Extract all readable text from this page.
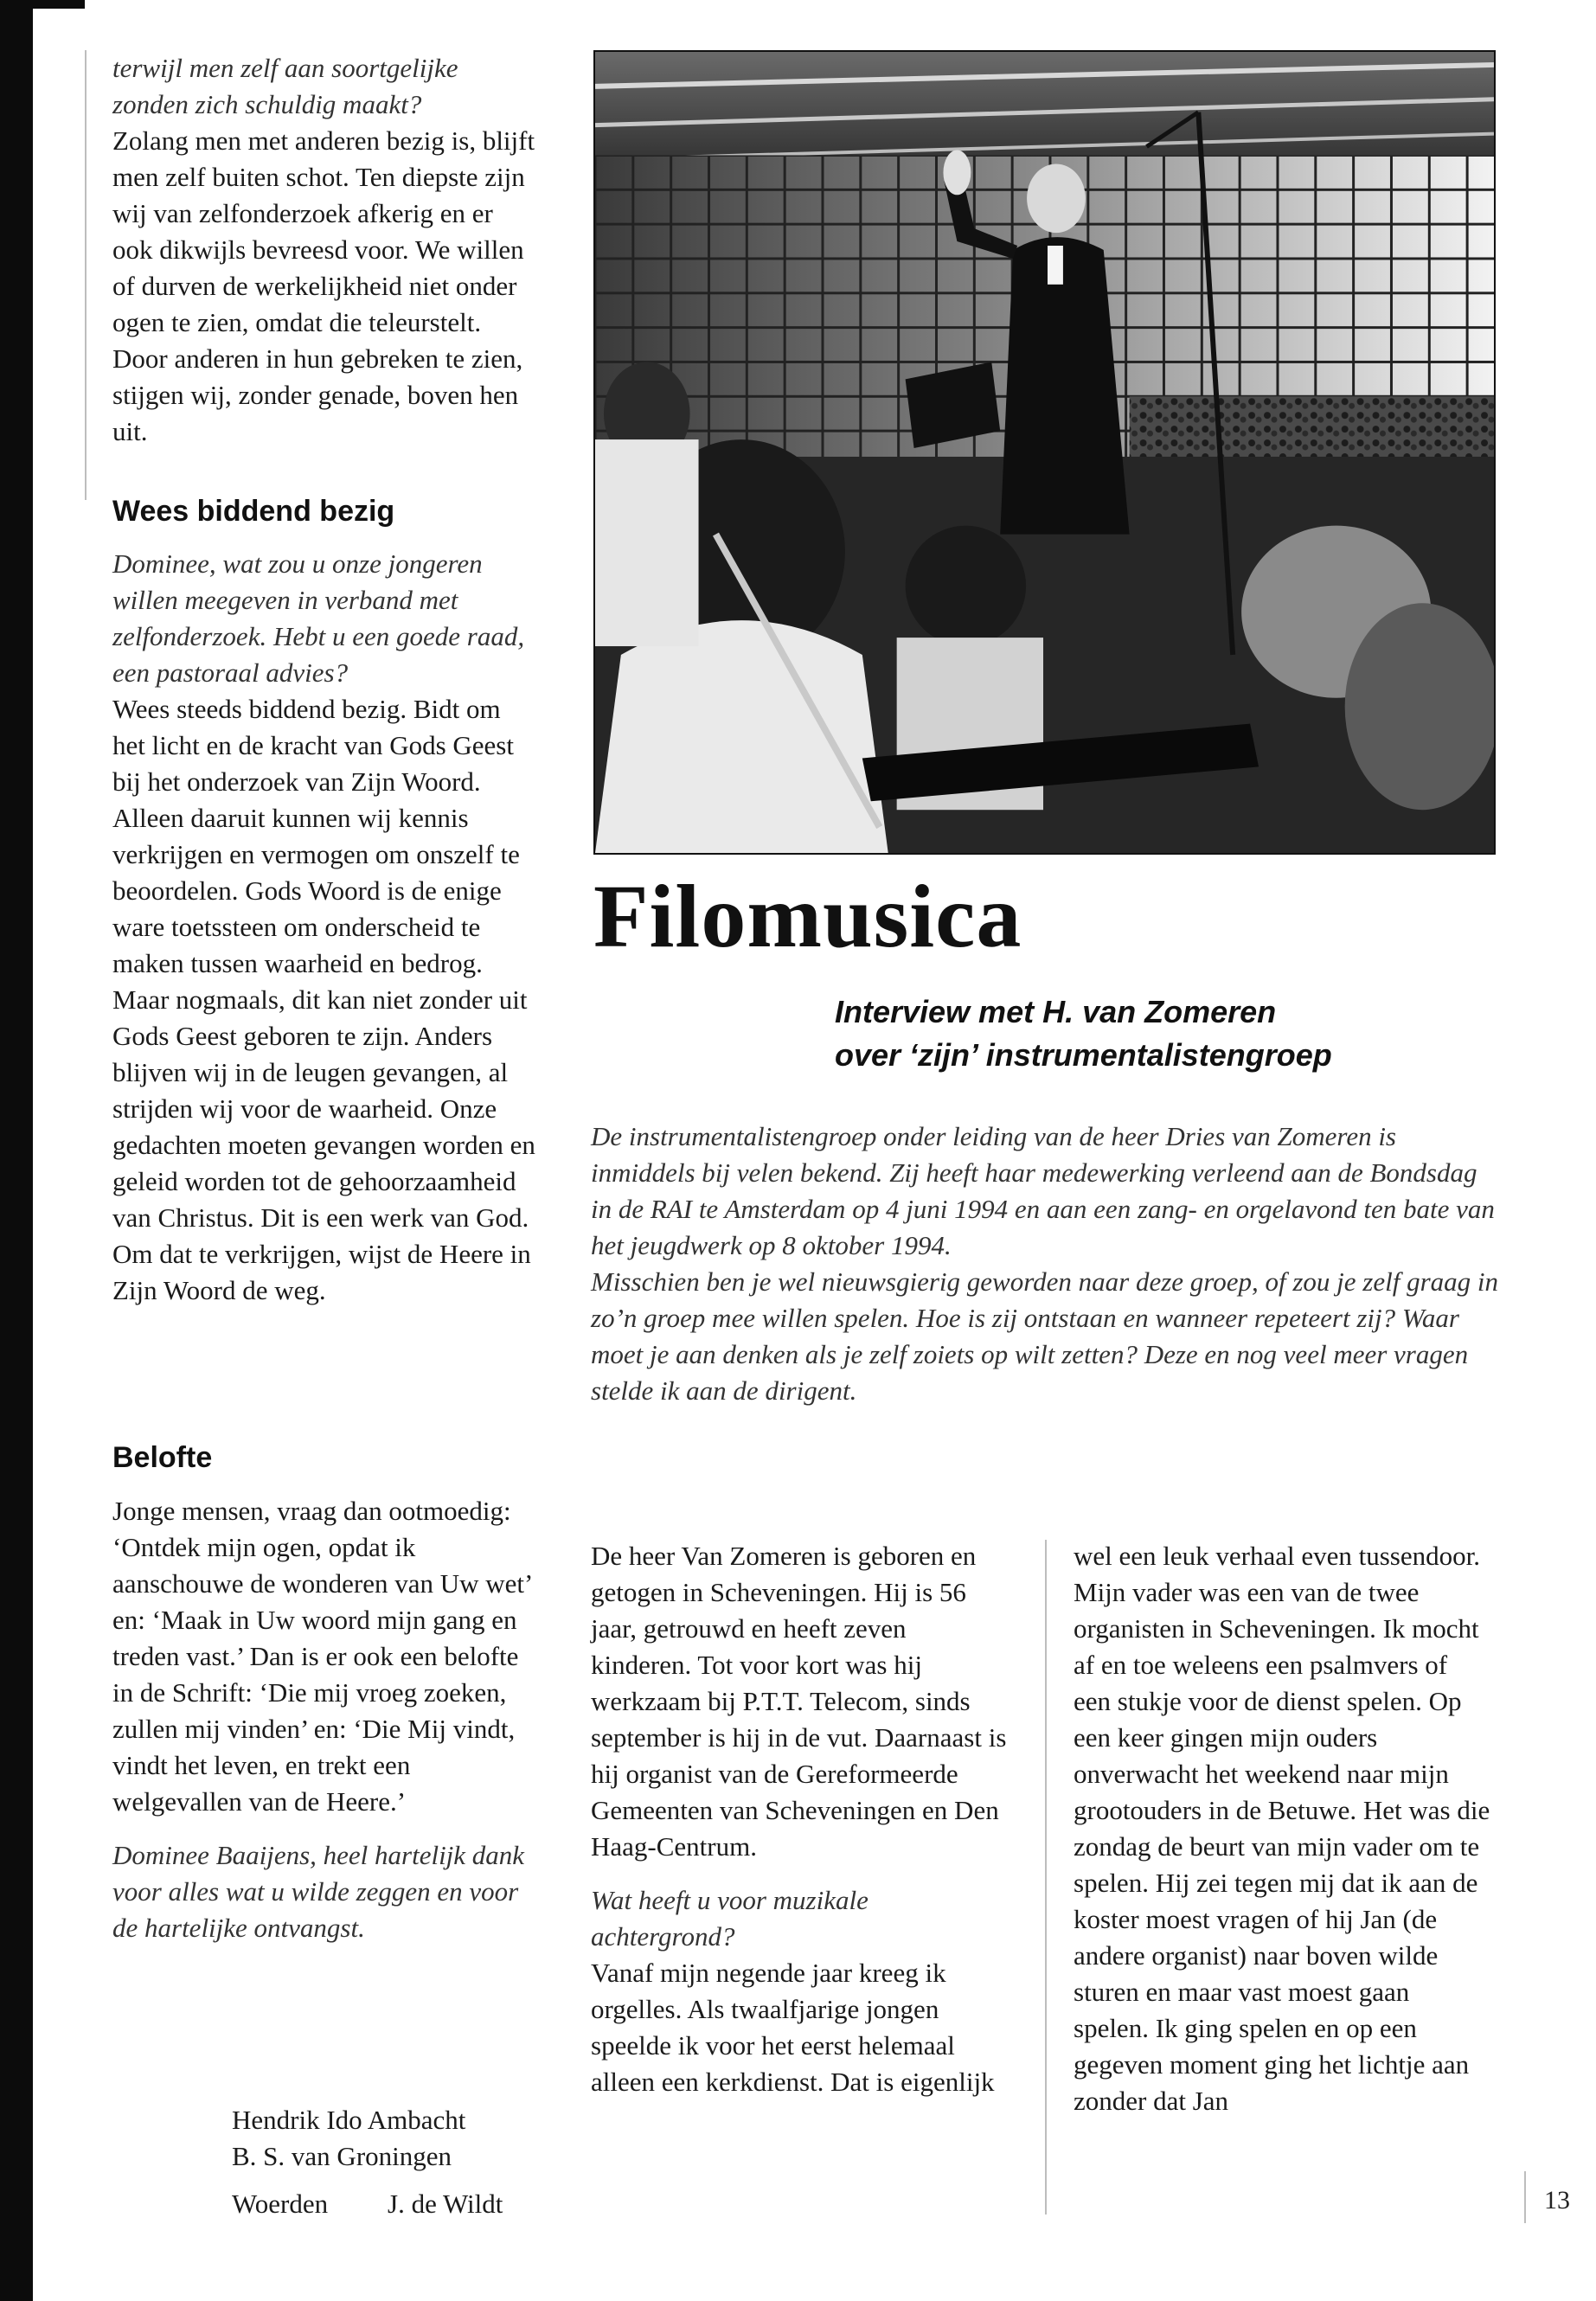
terwijl men zelf aan soortgelijke zonden zich schuldig maakt?

Zolang men met anderen bezig is, blijft men zelf buiten schot. Ten diepste zijn wij van zelfonderzoek afkerig en er ook dikwijls bevreesd voor. We willen of durven de werkelijkheid niet onder ogen te zien, omdat die teleurstelt. Door anderen in hun gebreken te zien, stijgen wij, zonder genade, boven hen uit.

Wees biddend bezig

Dominee, wat zou u onze jongeren willen meegeven in verband met zelfonderzoek. Hebt u een goede raad, een pastoraal advies?

Wees steeds biddend bezig. Bidt om het licht en de kracht van Gods Geest bij het onderzoek van Zijn Woord. Alleen daaruit kunnen wij kennis verkrijgen en vermogen om onszelf te beoordelen. Gods Woord is de enige ware toetssteen om onderscheid te maken tussen waarheid en bedrog. Maar nogmaals, dit kan niet zonder uit Gods Geest geboren te zijn. Anders blijven wij in de leugen gevangen, al strijden wij voor de waarheid. Onze gedachten moeten gevangen worden en geleid worden tot de gehoorzaamheid van Christus. Dit is een werk van God. Om dat te verkrijgen, wijst de Heere in Zijn Woord de weg.

Belofte

Jonge mensen, vraag dan ootmoedig: ‘Ontdek mijn ogen, opdat ik aanschouwe de wonderen van Uw wet’ en: ‘Maak in Uw woord mijn gang en treden vast.’ Dan is er ook een belofte in de Schrift: ‘Die mij vroeg zoeken, zullen mij vinden’ en: ‘Die Mij vindt, vindt het leven, en trekt een welgevallen van de Heere.’

Dominee Baaijens, heel hartelijk dank voor alles wat u wilde zeggen en voor de hartelijke ontvangst.

Hendrik Ido Ambacht
B. S. van Groningen
Woerden J. de Wildt
Filomusica
Interview met H. van Zomeren
over ‘zijn’ instrumentalistengroep

De instrumentalistengroep onder leiding van de heer Dries van Zomeren is inmiddels bij velen bekend. Zij heeft haar medewerking verleend aan de Bondsdag in de RAI te Amsterdam op 4 juni 1994 en aan een zang- en orgelavond ten bate van het jeugdwerk op 8 oktober 1994.

Misschien ben je wel nieuwsgierig geworden naar deze groep, of zou je zelf graag in zo’n groep mee willen spelen. Hoe is zij ontstaan en wanneer repeteert zij? Waar moet je aan denken als je zelf zoiets op wilt zetten? Deze en nog veel meer vragen stelde ik aan de dirigent.

De heer Van Zomeren is geboren en getogen in Scheveningen. Hij is 56 jaar, getrouwd en heeft zeven kinderen. Tot voor kort was hij werkzaam bij P.T.T. Telecom, sinds september is hij in de vut. Daarnaast is hij organist van de Gereformeerde Gemeenten van Scheveningen en Den Haag-Centrum.

Wat heeft u voor muzikale achtergrond?

Vanaf mijn negende jaar kreeg ik orgelles. Als twaalfjarige jongen speelde ik voor het eerst helemaal alleen een kerkdienst. Dat is eigenlijk

wel een leuk verhaal even tussendoor. Mijn vader was een van de twee organisten in Scheveningen. Ik mocht af en toe weleens een psalmvers of een stukje voor de dienst spelen. Op een keer gingen mijn ouders onverwacht het weekend naar mijn grootouders in de Betuwe. Het was die zondag de beurt van mijn vader om te spelen. Hij zei tegen mij dat ik aan de koster moest vragen of hij Jan (de andere organist) naar boven wilde sturen en maar vast moest gaan spelen. Ik ging spelen en op een gegeven moment ging het lichtje aan zonder dat Jan

13
